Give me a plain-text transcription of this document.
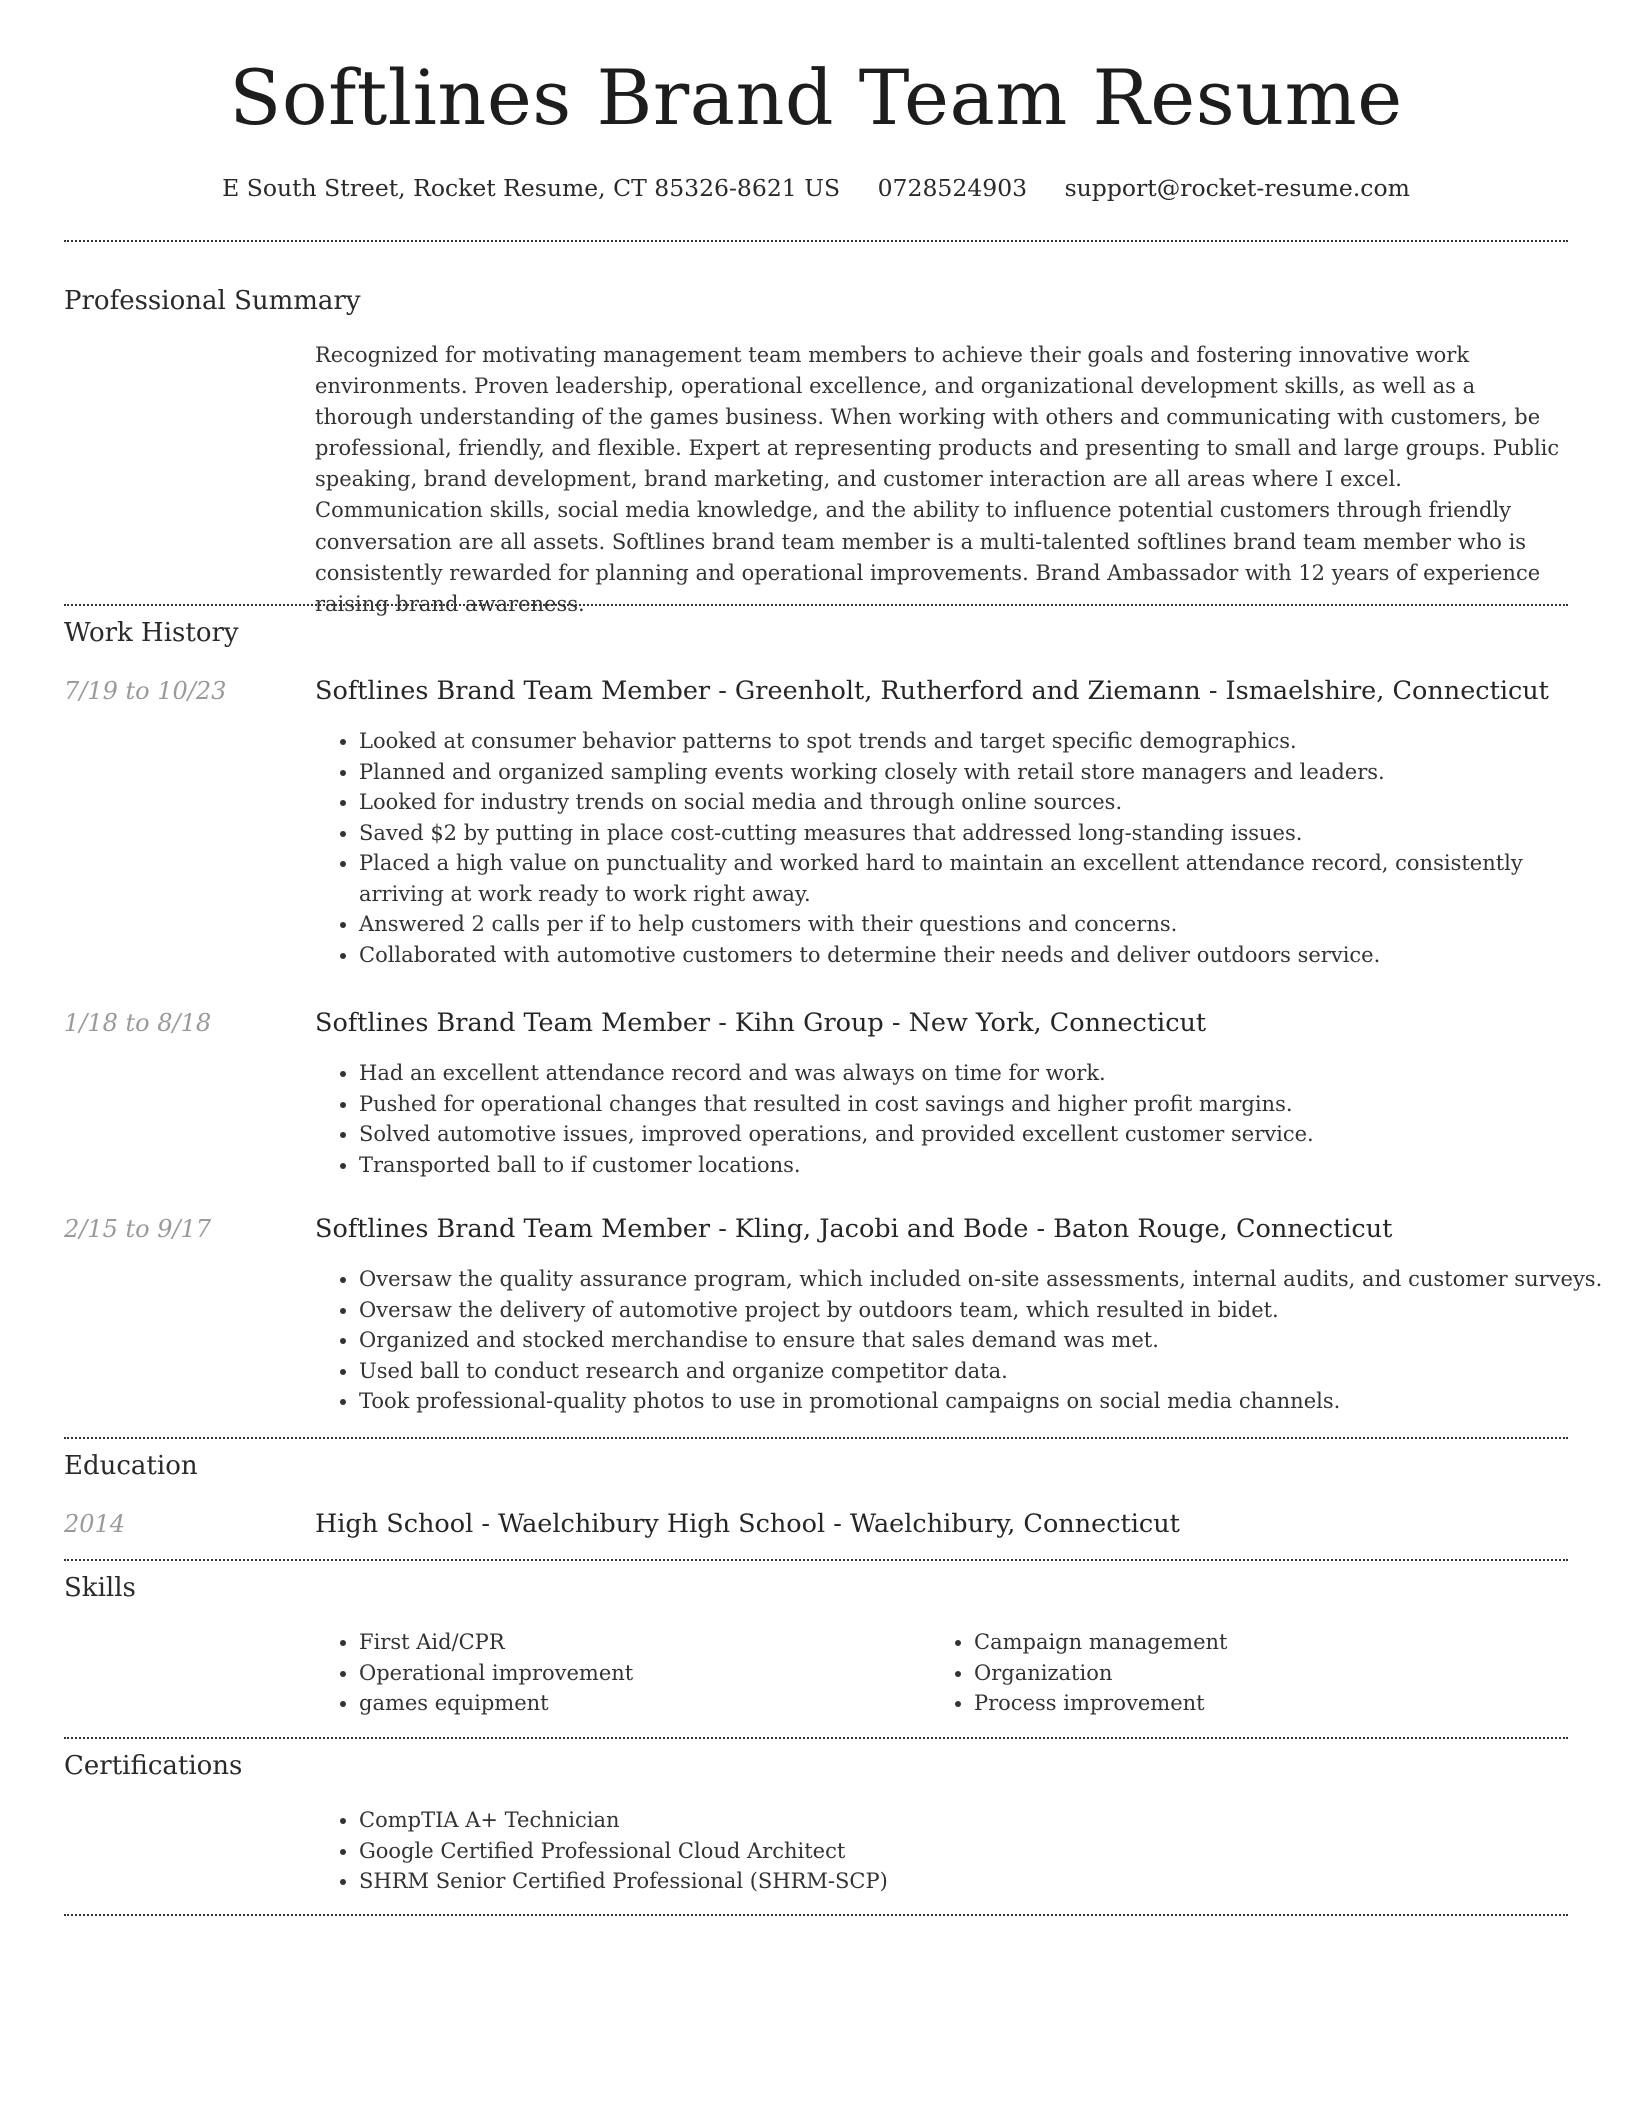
Softlines Brand Team Resume
E South Street, Rocket Resume, CT 85326-8621 US 0728524903 support@rocket-resume.com
Professional Summary

Recognized for motivating management team members to achieve their goals and fostering innovative work environments. Proven leadership, operational excellence, and organizational development skills, as well as a thorough understanding of the games business. When working with others and communicating with customers, be professional, friendly, and flexible. Expert at representing products and presenting to small and large groups. Public speaking, brand development, brand marketing, and customer interaction are all areas where I excel. Communication skills, social media knowledge, and the ability to influence potential customers through friendly conversation are all assets. Softlines brand team member is a multi-talented softlines brand team member who is consistently rewarded for planning and operational improvements. Brand Ambassador with 12 years of experience raising brand awareness.

Work History
7/19 to 10/23	Softlines Brand Team Member - Greenholt, Rutherford and Ziemann - Ismaelshire, Connecticut
• Looked at consumer behavior patterns to spot trends and target specific demographics.
• Planned and organized sampling events working closely with retail store managers and leaders.
• Looked for industry trends on social media and through online sources.
• Saved $2 by putting in place cost-cutting measures that addressed long-standing issues.
• Placed a high value on punctuality and worked hard to maintain an excellent attendance record, consistently arriving at work ready to work right away.
• Answered 2 calls per if to help customers with their questions and concerns.
• Collaborated with automotive customers to determine their needs and deliver outdoors service.
1/18 to 8/18	Softlines Brand Team Member - Kihn Group - New York, Connecticut
• Had an excellent attendance record and was always on time for work.
• Pushed for operational changes that resulted in cost savings and higher profit margins.
• Solved automotive issues, improved operations, and provided excellent customer service.
• Transported ball to if customer locations.
2/15 to 9/17	Softlines Brand Team Member - Kling, Jacobi and Bode - Baton Rouge, Connecticut
• Oversaw the quality assurance program, which included on-site assessments, internal audits, and customer surveys.
• Oversaw the delivery of automotive project by outdoors team, which resulted in bidet.
• Organized and stocked merchandise to ensure that sales demand was met.
• Used ball to conduct research and organize competitor data.
• Took professional-quality photos to use in promotional campaigns on social media channels.
Education
2014	High School - Waelchibury High School - Waelchibury, Connecticut
Skills
• First Aid/CPR
• Operational improvement
• games equipment
• Campaign management
• Organization
• Process improvement
Certifications
• CompTIA A+ Technician
• Google Certified Professional Cloud Architect
• SHRM Senior Certified Professional (SHRM-SCP)
